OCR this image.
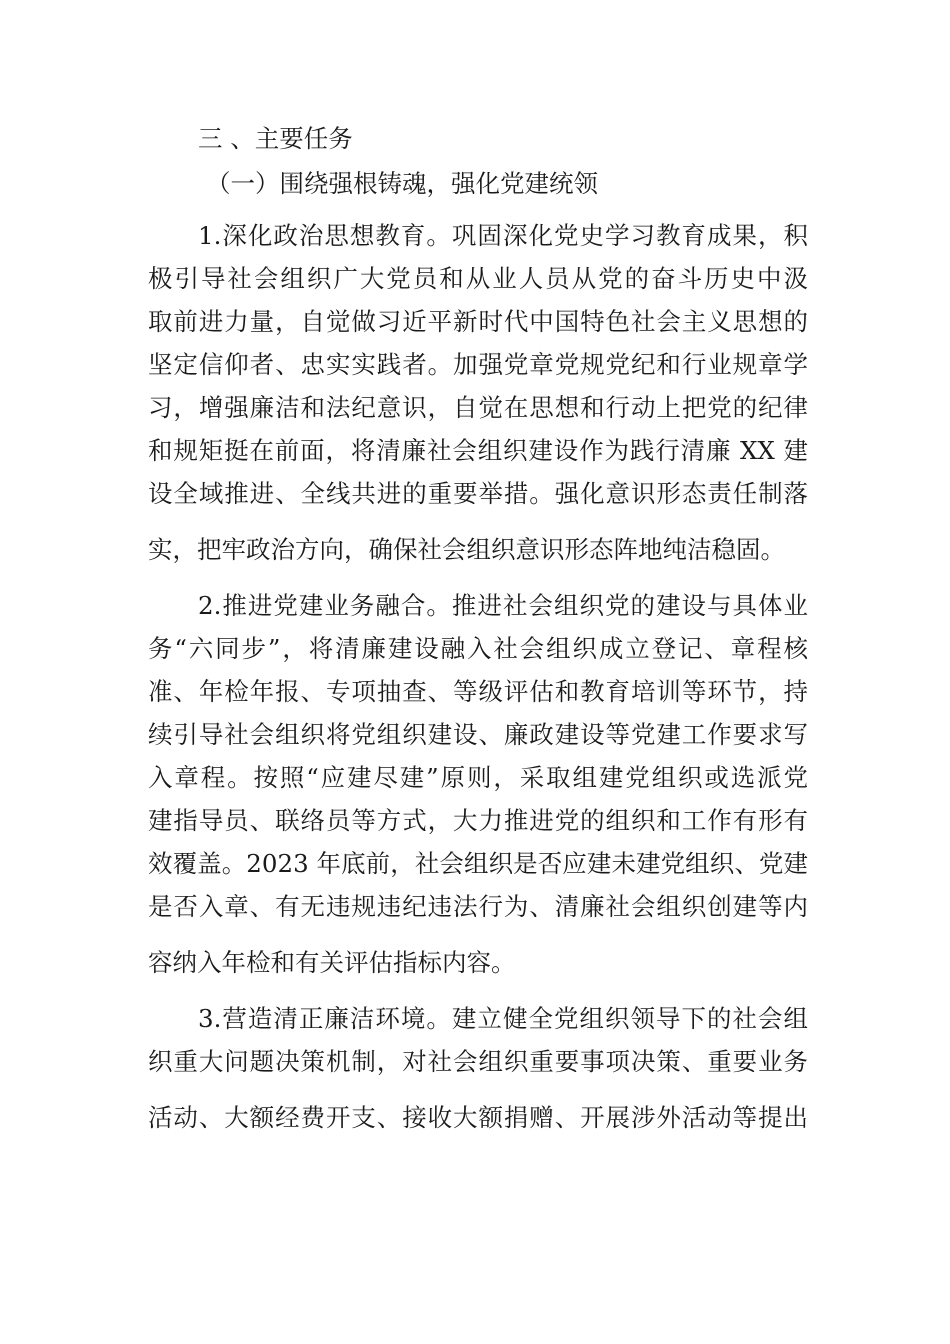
三 、主要任务
（一）围绕强根铸魂，强化党建统领
1.深化政治思想教育。巩固深化党史学习教育成果，积
极引导社会组织广大党员和从业人员从党的奋斗历史中汲
取前进力量，自觉做习近平新时代中国特色社会主义思想的
坚定信仰者、忠实实践者。加强党章党规党纪和行业规章学
习，增强廉洁和法纪意识，自觉在思想和行动上把党的纪律
和规矩挺在前面，将清廉社会组织建设作为践行清廉 XX 建
设全域推进、全线共进的重要举措。强化意识形态责任制落
实，把牢政治方向，确保社会组织意识形态阵地纯洁稳固。
2.推进党建业务融合。推进社会组织党的建设与具体业
务“六同步”，将清廉建设融入社会组织成立登记、章程核
准、年检年报、专项抽查、等级评估和教育培训等环节，持
续引导社会组织将党组织建设、廉政建设等党建工作要求写
入章程。按照“应建尽建”原则，采取组建党组织或选派党
建指导员、联络员等方式，大力推进党的组织和工作有形有
效覆盖。2023 年底前，社会组织是否应建未建党组织、党建
是否入章、有无违规违纪违法行为、清廉社会组织创建等内
容纳入年检和有关评估指标内容。
3.营造清正廉洁环境。建立健全党组织领导下的社会组
织重大问题决策机制，对社会组织重要事项决策、重要业务
活动、大额经费开支、接收大额捐赠、开展涉外活动等提出
